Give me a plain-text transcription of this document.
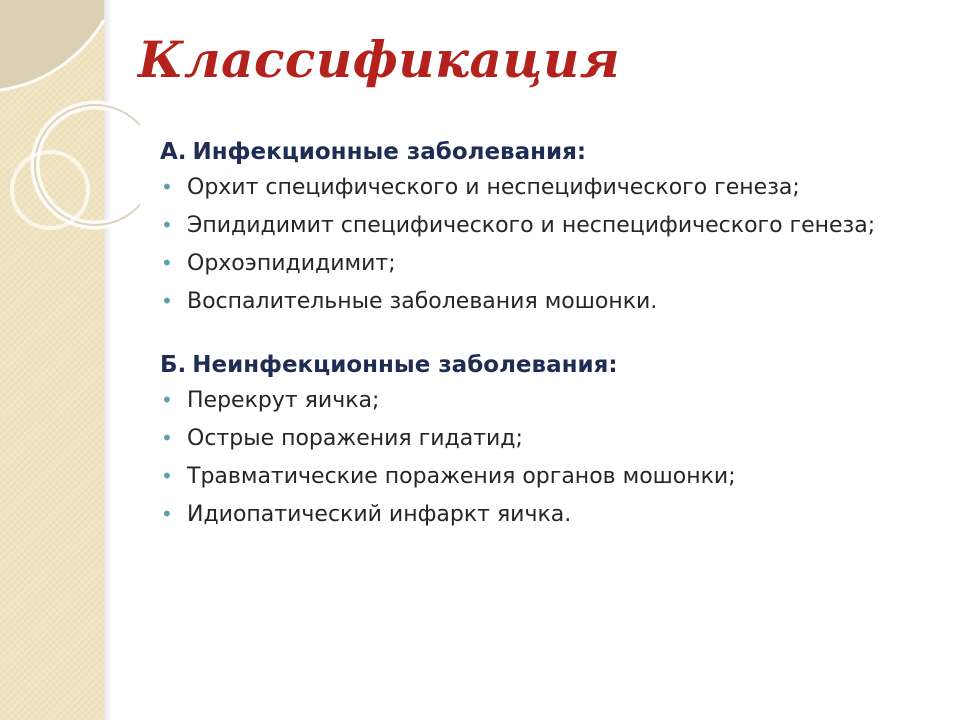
Классификация
А. Инфекционные заболевания:
• Орхит специфического и неспецифического генеза;
• Эпидидимит специфического и неспецифического генеза;
• Орхоэпидидимит;
• Воспалительные заболевания мошонки.
Б. Неинфекционные заболевания:
• Перекрут яичка;
• Острые поражения гидатид;
• Травматические поражения органов мошонки;
• Идиопатический инфаркт яичка.
